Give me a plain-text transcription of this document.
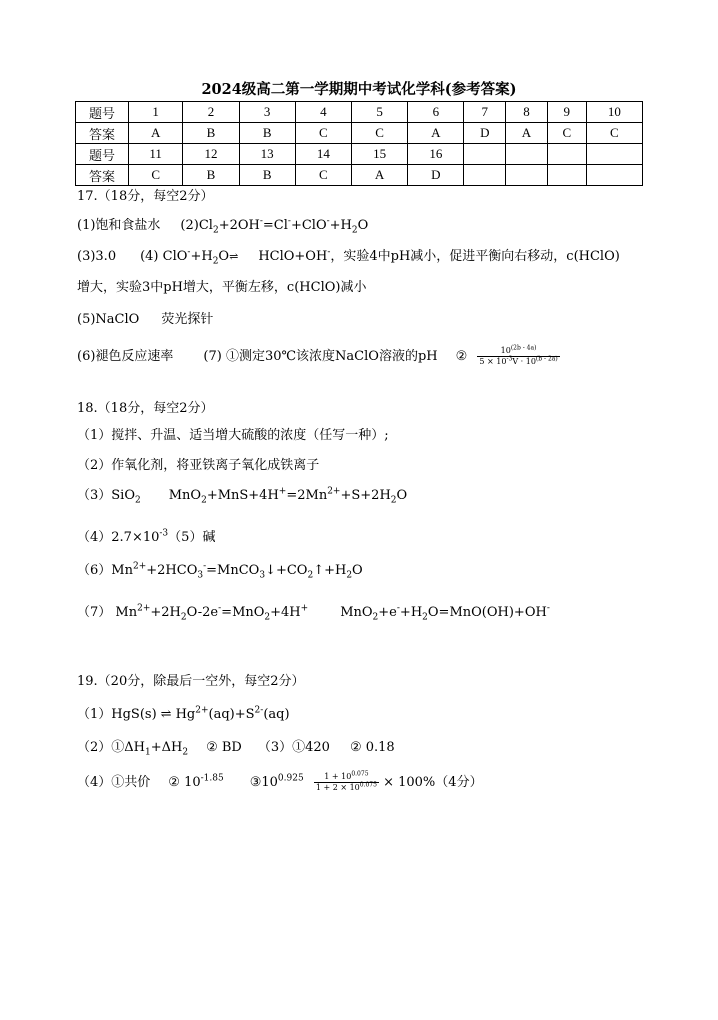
2024级高二第一学期期中考试化学科(参考答案)
题号	1	2	3	4	5	6	7	8	9	10
答案	A	B	B	C	C	A	D	A	C	C
题号	11	12	13	14	15	16				
答案	C	B	B	C	A	D				
17.（18分，每空2分）
(1)饱和食盐水 $(2)Cl_2+2OH^-=Cl^-+ClO^-+H_2O$
(3)3.0 (4) $ClO^-+H_2O\rightleftharpoons$ HClO+OH-，实验4中pH减小，促进平衡向右移动，c(HClO)
增大，实验3中pH增大，平衡左移，c(HClO)减小
(5)NaClO 荧光探针
(6)褪色反应速率 (7) ①测定30℃该浓度NaClO溶液的pH ② $\frac{10^{(2b - 4a)}}{5 \times 10^{-3}V \cdot 10^{(b - 2a)}}$
18.（18分，每空2分）
（1）搅拌、升温、适当增大硫酸的浓度（任写一种）;
（2）作氧化剂，将亚铁离子氧化成铁离子
（3）SiO$_2$ $MnO_2+MnS+4H^+=2Mn^{2+}+S+2H_2O$
$(4)2.7\times 10^{-3}(5)$碱
$(6)Mn^{2+}+2HCO_3^-=MnCO_3↓+CO_2↑+H_2O$
（7） $Mn^{2+}+2H_2O-2e^-=MnO_2+4H^+$ $MnO_2+e^-+H_2O=MnO(OH)+OH^-$
19.（20分，除最后一空外，每空2分）
（1）HgS(s) ⇌ $Hg^{2+}(aq)+S^{2-}(aq)$
$(2)①\Delta H_1+\Delta H_2$ ② BD （3）①420 ② 0.18
（4）①共价 ② $10^{-1.85}$ $③10^{0.925} \frac{1 + 10^{0.075}}{1 + 2 \times 10^{0.075}} \times 100\%(4$分）
